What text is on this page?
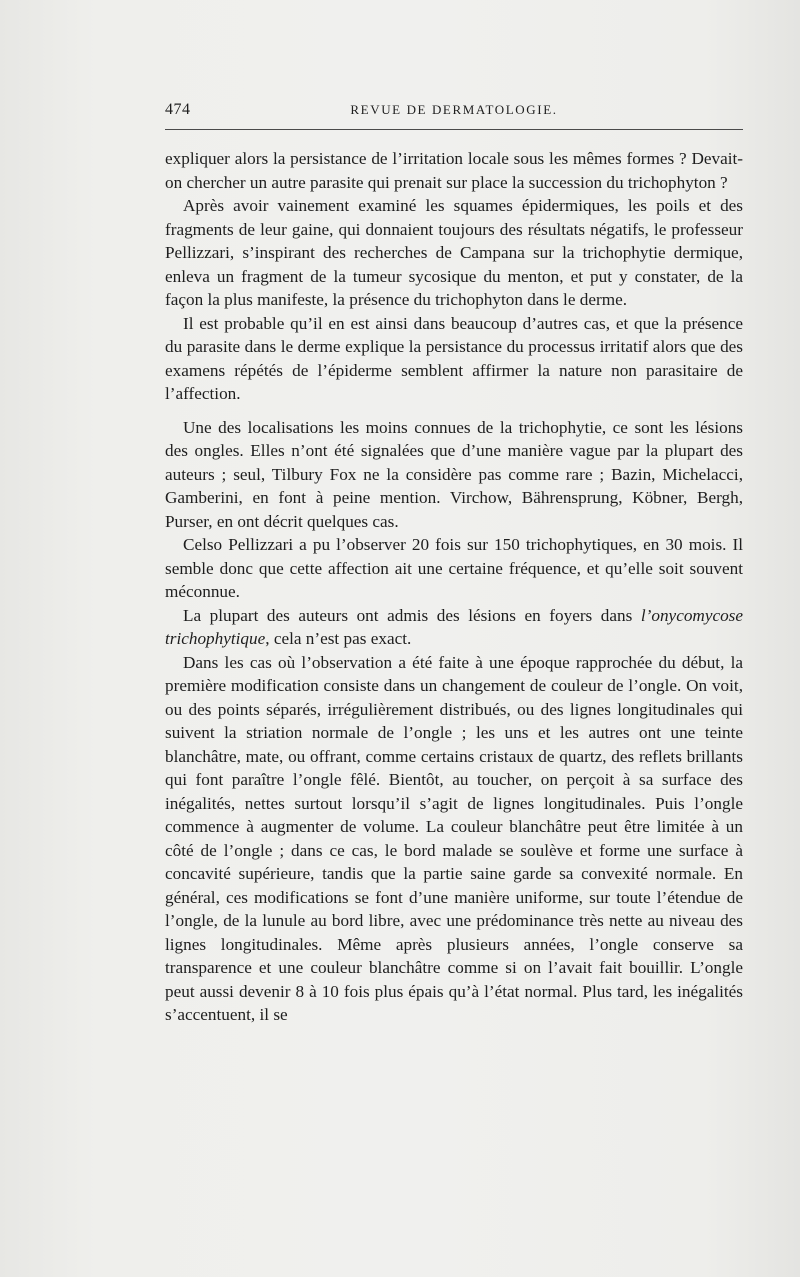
474	REVUE DE DERMATOLOGIE.

expliquer alors la persistance de l’irritation locale sous les mêmes formes ? Devait-on chercher un autre parasite qui prenait sur place la succession du trichophyton ?

Après avoir vainement examiné les squames épidermiques, les poils et des fragments de leur gaine, qui donnaient toujours des résultats négatifs, le professeur Pellizzari, s’inspirant des recherches de Campana sur la trichophytie dermique, enleva un fragment de la tumeur sycosique du menton, et put y constater, de la façon la plus manifeste, la présence du trichophyton dans le derme.

Il est probable qu’il en est ainsi dans beaucoup d’autres cas, et que la présence du parasite dans le derme explique la persistance du processus irritatif alors que des examens répétés de l’épiderme semblent affirmer la nature non parasitaire de l’affection.

Une des localisations les moins connues de la trichophytie, ce sont les lésions des ongles. Elles n’ont été signalées que d’une manière vague par la plupart des auteurs ; seul, Tilbury Fox ne la considère pas comme rare ; Bazin, Michelacci, Gamberini, en font à peine mention. Virchow, Bährensprung, Köbner, Bergh, Purser, en ont décrit quelques cas.

Celso Pellizzari a pu l’observer 20 fois sur 150 trichophytiques, en 30 mois. Il semble donc que cette affection ait une certaine fréquence, et qu’elle soit souvent méconnue.

La plupart des auteurs ont admis des lésions en foyers dans l’onycomycose trichophytique, cela n’est pas exact.

Dans les cas où l’observation a été faite à une époque rapprochée du début, la première modification consiste dans un changement de couleur de l’ongle. On voit, ou des points séparés, irrégulièrement distribués, ou des lignes longitudinales qui suivent la striation normale de l’ongle ; les uns et les autres ont une teinte blanchâtre, mate, ou offrant, comme certains cristaux de quartz, des reflets brillants qui font paraître l’ongle fêlé. Bientôt, au toucher, on perçoit à sa surface des inégalités, nettes surtout lorsqu’il s’agit de lignes longitudinales. Puis l’ongle commence à augmenter de volume. La couleur blanchâtre peut être limitée à un côté de l’ongle ; dans ce cas, le bord malade se soulève et forme une surface à concavité supérieure, tandis que la partie saine garde sa convexité normale. En général, ces modifications se font d’une manière uniforme, sur toute l’étendue de l’ongle, de la lunule au bord libre, avec une prédominance très nette au niveau des lignes longitudinales. Même après plusieurs années, l’ongle conserve sa transparence et une couleur blanchâtre comme si on l’avait fait bouillir. L’ongle peut aussi devenir 8 à 10 fois plus épais qu’à l’état normal. Plus tard, les inégalités s’accentuent, il se
